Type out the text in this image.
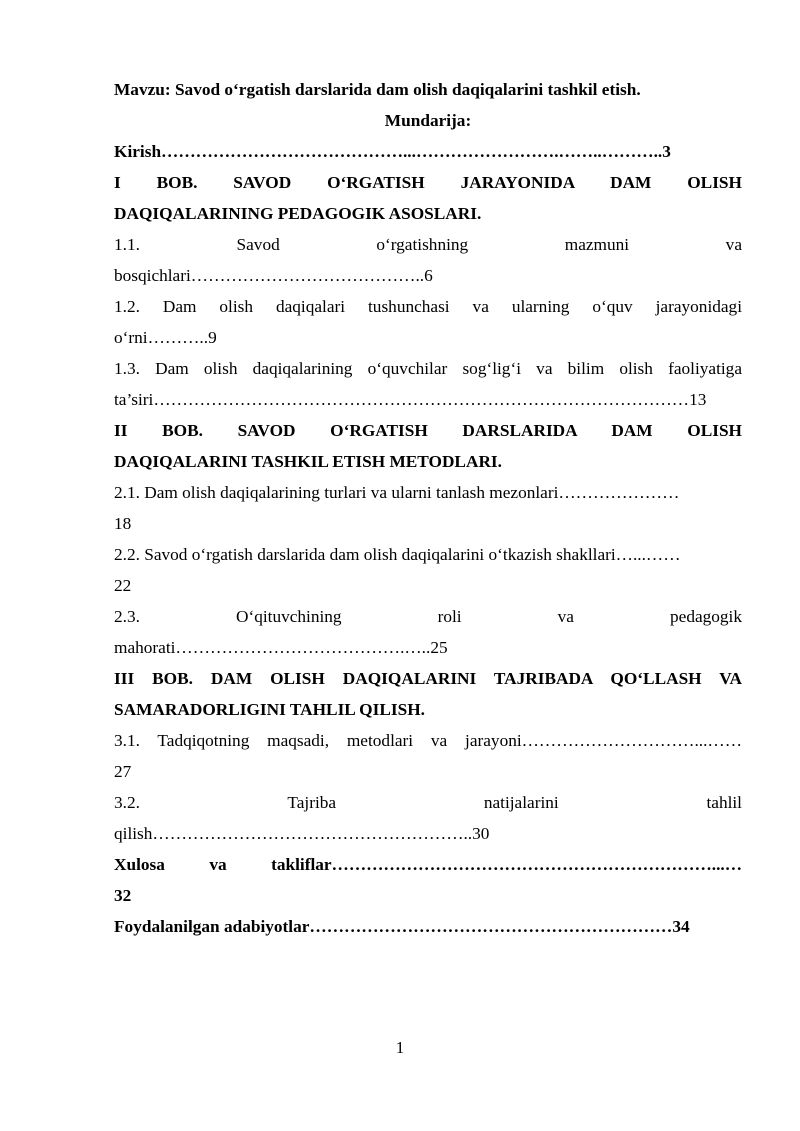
Mavzu: Savod o‘rgatish darslarida dam olish daqiqalarini tashkil etish.
Mundarija:
Kirish……………………………………...…………………….……..………..3
I BOB. SAVOD O‘RGATISH JARAYONIDA DAM OLISH
DAQIQALARINING PEDAGOGIK ASOSLARI.
1.1. Savod o‘rgatishning mazmuni va
bosqichlari…………………………………..6
1.2. Dam olish daqiqalari tushunchasi va ularning o‘quv jarayonidagi
o‘rni………..9
1.3. Dam olish daqiqalarining o‘quvchilar sog‘lig‘i va bilim olish faoliyatiga
ta’siri…………………………………………………………………………………13
II BOB. SAVOD O‘RGATISH DARSLARIDA DAM OLISH
DAQIQALARINI TASHKIL ETISH METODLARI.
2.1. Dam olish daqiqalarining turlari va ularni tanlash mezonlari…………………
18
2.2. Savod o‘rgatish darslarida dam olish daqiqalarini o‘tkazish shakllari…...……
22
2.3. O‘qituvchining roli va pedagogik
mahorati………………………………….…..25
III BOB. DAM OLISH DAQIQALARINI TAJRIBADA QO‘LLASH VA
SAMARADORLIGINI TAHLIL QILISH.
3.1. Tadqiqotning maqsadi, metodlari va jarayoni…………………………...……
27
3.2. Tajriba natijalarini tahlil
qilish………………………………………………..30
Xulosa va takliflar…………………………………………………………...…
32
Foydalanilgan adabiyotlar………………………………………………………34
1
